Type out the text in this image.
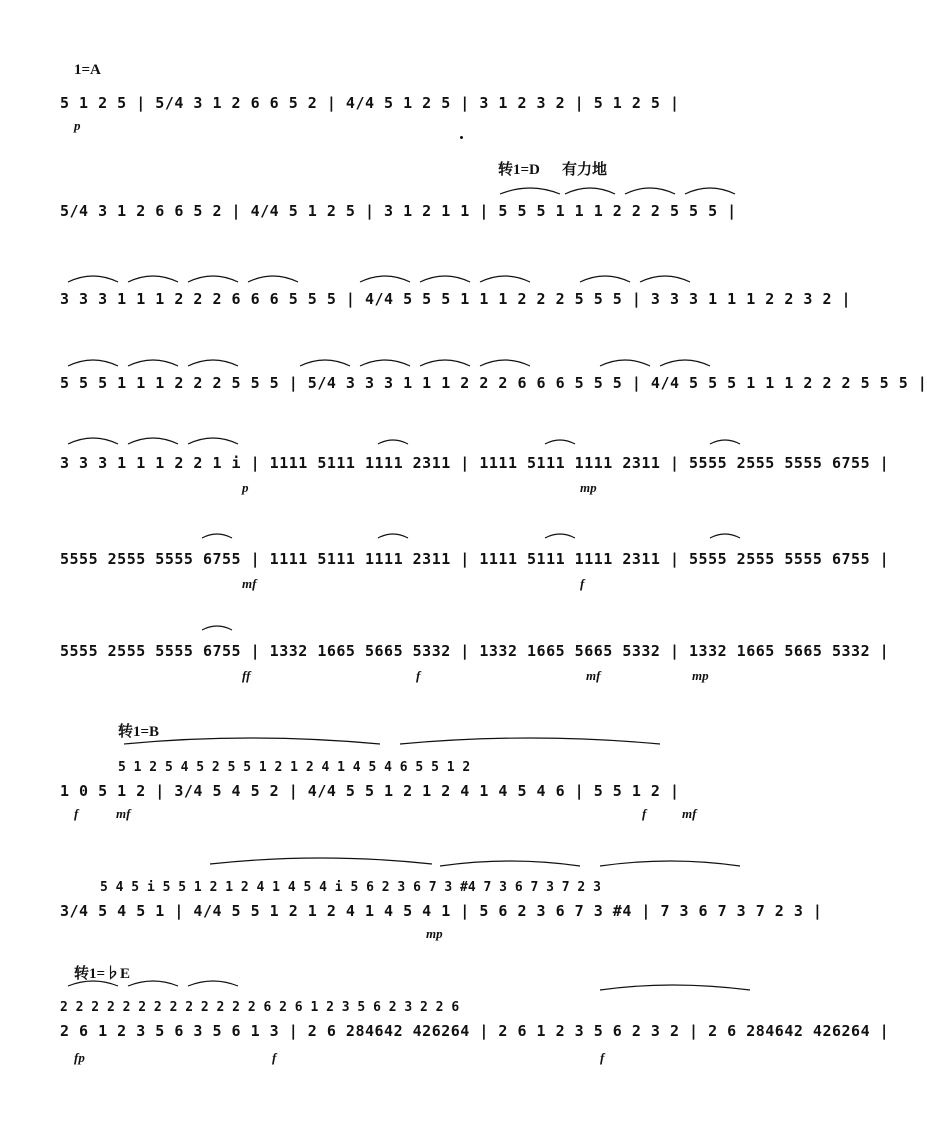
1=A
转1=D 有力地
转1=B
转1=♭E
5 1 2 5 | 5/4 3 1 2 6 6 5 2 | 4/4 5 1 2 5 | 3 1 2 3 2 | 5 1 2 5 |
p
5/4 3 1 2 6 6 5 2 | 4/4 5 1 2 5 | 3 1 2 1 1 | 5 5 5 1 1 1 2 2 2 5 5 5 |
3 3 3 1 1 1 2 2 2 6 6 6 5 5 5 | 4/4 5 5 5 1 1 1 2 2 2 5 5 5 | 3 3 3 1 1 1 2 2 3 2 |
5 5 5 1 1 1 2 2 2 5 5 5 | 5/4 3 3 3 1 1 1 2 2 2 6 6 6 5 5 5 | 4/4 5 5 5 1 1 1 2 2 2 5 5 5 |
3 3 3 1 1 1 2 2 1 i | 1111 5111 1111 2311 | 1111 5111 1111 2311 | 5555 2555 5555 6755 |
p	mp
5555 2555 5555 6755 | 1111 5111 1111 2311 | 1111 5111 1111 2311 | 5555 2555 5555 6755 |
mf	f
5555 2555 5555 6755 | 1332 1665 5665 5332 | 1332 1665 5665 5332 | 1332 1665 5665 5332 |
ff	f	mf	mp
5 1 2 5 4 5 2 5 5 1 2 1 2 4 1 4 5 4 6 5 5 1 2
1 0 5 1 2 | 3/4 5 4 5 2 | 4/4 5 5 1 2 1 2 4 1 4 5 4 6 | 5 5 1 2 |
f	mf	f	mf
5 4 5 i 5 5 1 2 1 2 4 1 4 5 4 i 5 6 2 3 6 7 3 #4 7 3 6 7 3 7 2 3
3/4 5 4 5 1 | 4/4 5 5 1 2 1 2 4 1 4 5 4 1 | 5 6 2 3 6 7 3 #4 | 7 3 6 7 3 7 2 3 |
mp
2 2 2 2 2 2 2 2 2 2 2 2 2 6 2 6 1 2 3 5 6 2 3 2 2 6
2 6 1 2 3 5 6 3 5 6 1 3 | 2 6 284642 426264 | 2 6 1 2 3 5 6 2 3 2 | 2 6 284642 426264 |
fp	f	f
